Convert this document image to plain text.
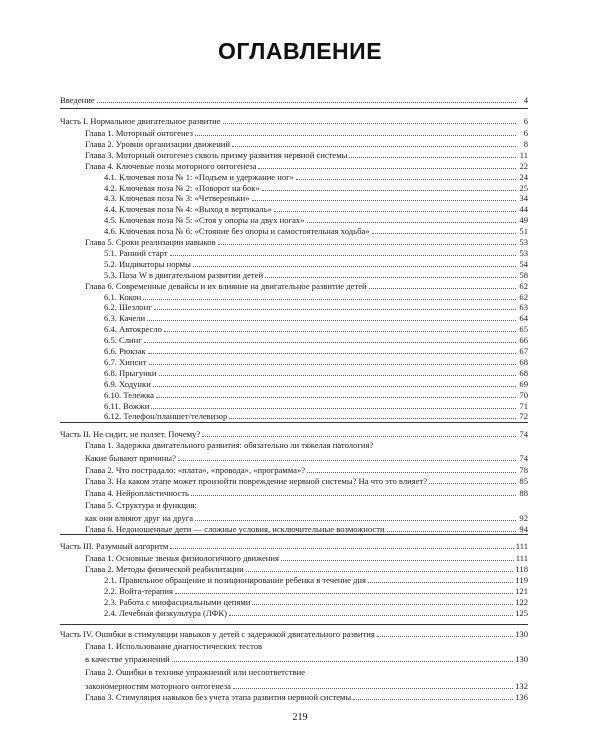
ОГЛАВЛЕНИЕ
Введение	4
Часть I. Нормальное двигательное развитие	6
Глава 1. Моторный онтогенез	6
Глава 2. Уровни организации движений	8
Глава 3. Моторный онтогенез сквозь призму развития нервной системы	11
Глава 4. Ключевые позы моторного онтогенеза	22
4.1. Ключевая поза № 1: «Подъем и удержание ног»	24
4.2. Ключевая поза № 2: «Поворот на бок»	25
4.3. Ключевая поза № 3: «Четвереньки»	34
4.4. Ключевая поза № 4: «Выход в вертикаль»	44
4.5. Ключевая поза № 5: «Стоя у опоры на двух ногах»	49
4.6. Ключевая поза № 6: «Стояние без опоры и самостоятельная ходьба»	51
Глава 5. Сроки реализации навыков	53
5.1. Ранний старт	53
5.2. Индикаторы нормы	54
5.3. Поза W в двигательном развитии детей	58
Глава 6. Современные девайсы и их влияние на двигательное развитие детей	62
6.1. Кокон	62
6.2. Шезлонг	63
6.3. Качели	64
6.4. Автокресло	65
6.5. Слинг	66
6.6. Рюкзак	67
6.7. Хипсит	68
6.8. Прыгунки	68
6.9. Ходунки	69
6.10. Тележка	70
6.11. Вожжи	71
6.12. Телефон/планшет/телевизор	72
Часть II. Не сидит, не ползет. Почему?	74
Глава 1. Задержка двигательного развития: обязательно ли тяжелая патология?
Какие бывают причины?	74
Глава 2. Что пострадало: «плата», «провода», «программа»?	78
Глава 3. На каком этапе может произойти повреждение нервной системы? На что это влияет?	85
Глава 4. Нейропластичность	88
Глава 5. Структура и функция:
как они влияют друг на друга	92
Глава 6. Недоношенные дети — сложные условия, исключительные возможности	94
Часть III. Разумный алгоритм	111
Глава 1. Основные звенья физиологичного движения	111
Глава 2. Методы физической реабилитации	118
2.1. Правильное обращение и позиционирование ребенка в течение дня	119
2.2. Войта-терапия	121
2.3. Работа с миофасциальными цепями	122
2.4. Лечебная физкультура (ЛФК)	125
Часть IV. Ошибки в стимуляции навыков у детей с задержкой двигательного развития	130
Глава 1. Использование диагностических тестов
в качестве упражнений	130
Глава 2. Ошибки в технике упражнений или несоответствие
закономерностям моторного онтогенеза	132
Глава 3. Стимуляция навыков без учета этапа развития нервной системы	136
219
